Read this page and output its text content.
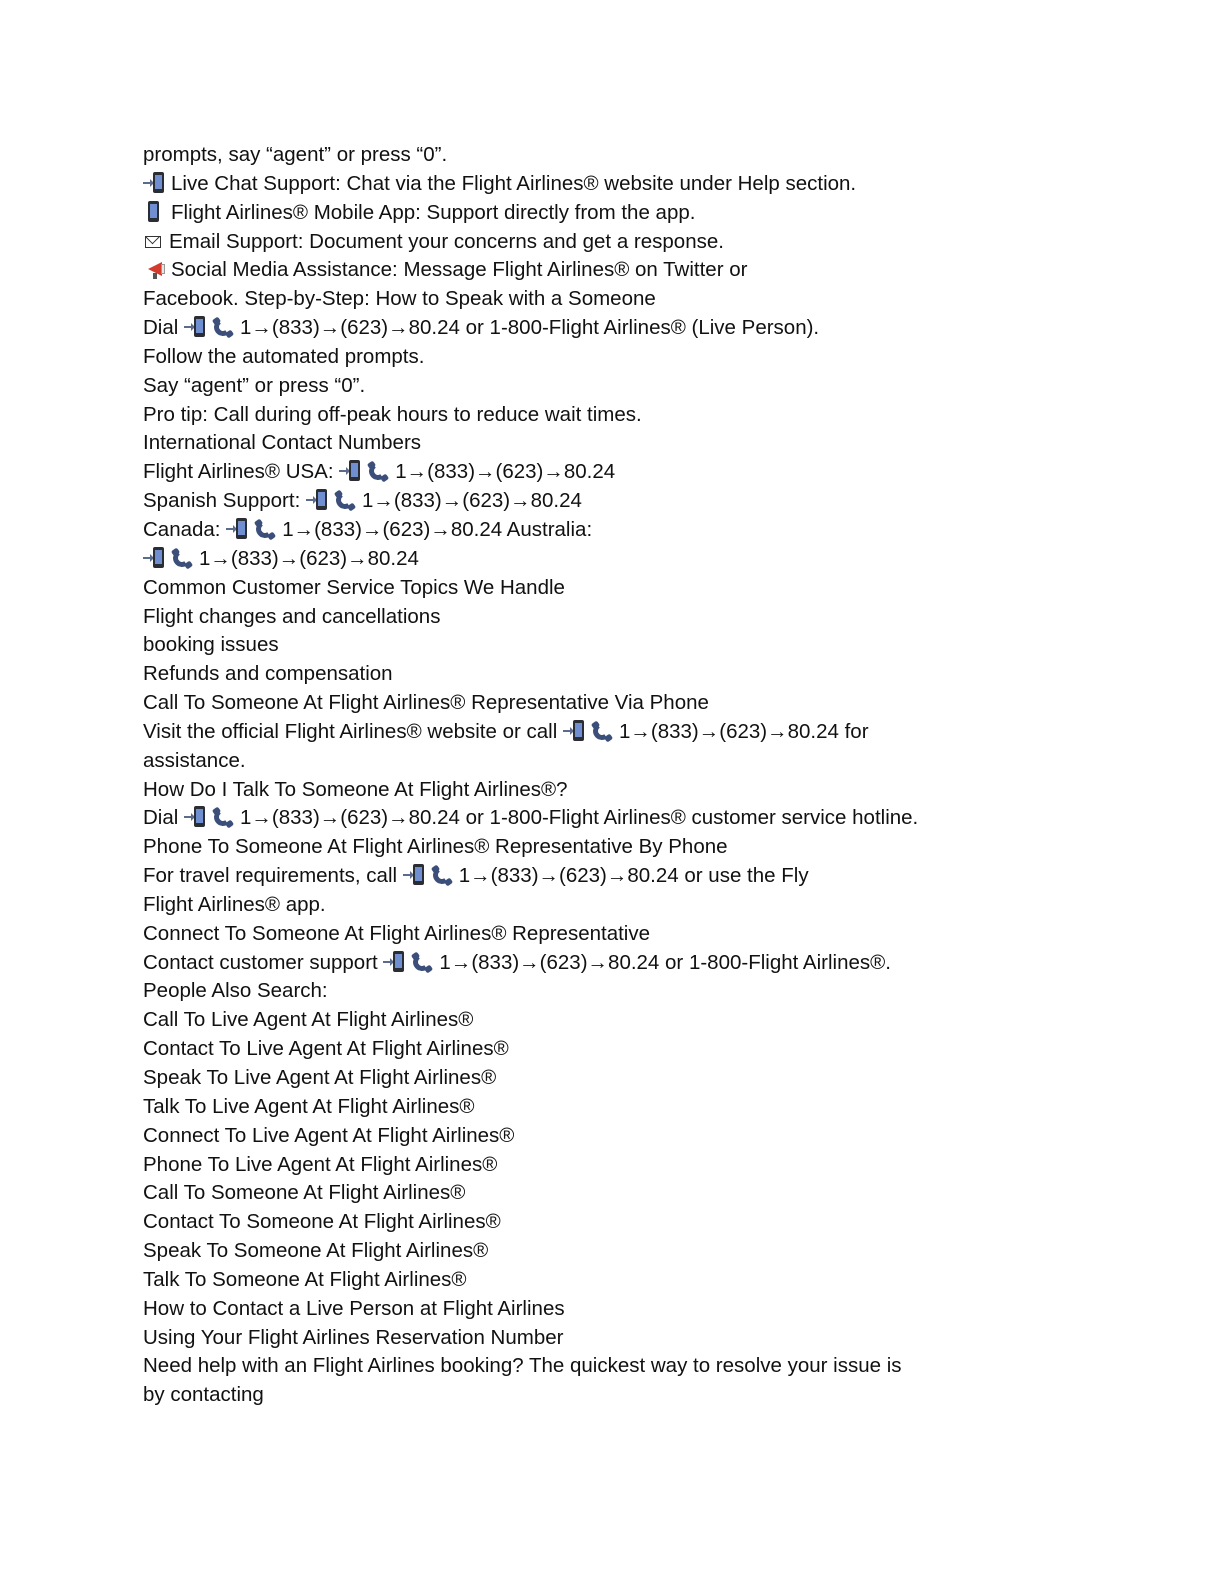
prompts, say “agent” or press “0”.
Live Chat Support: Chat via the Flight Airlines® website under Help section.
Flight Airlines® Mobile App: Support directly from the app.
Email Support: Document your concerns and get a response.
Social Media Assistance: Message Flight Airlines® on Twitter or
Facebook. Step-by-Step: How to Speak with a Someone
Dial	1→(833)→(623)→80.24 or 1-800-Flight Airlines® (Live Person).
Follow the automated prompts.
Say “agent” or press “0”.
Pro tip: Call during off-peak hours to reduce wait times.
International Contact Numbers
Flight Airlines® USA:	1→(833)→(623)→80.24
Spanish Support:	1→(833)→(623)→80.24
Canada:	1→(833)→(623)→80.24 Australia:
1→(833)→(623)→80.24
Common Customer Service Topics We Handle
Flight changes and cancellations
booking issues
Refunds and compensation
Call To Someone At Flight Airlines® Representative Via Phone
Visit the official Flight Airlines® website or call	1→(833)→(623)→80.24 for
assistance.
How Do I Talk To Someone At Flight Airlines®?
Dial	1→(833)→(623)→80.24 or 1-800-Flight Airlines® customer service hotline.
Phone To Someone At Flight Airlines® Representative By Phone
For travel requirements, call	1→(833)→(623)→80.24 or use the Fly
Flight Airlines® app.
Connect To Someone At Flight Airlines® Representative
Contact customer support	1→(833)→(623)→80.24 or 1-800-Flight Airlines®.
People Also Search:
Call To Live Agent At Flight Airlines®
Contact To Live Agent At Flight Airlines®
Speak To Live Agent At Flight Airlines®
Talk To Live Agent At Flight Airlines®
Connect To Live Agent At Flight Airlines®
Phone To Live Agent At Flight Airlines®
Call To Someone At Flight Airlines®
Contact To Someone At Flight Airlines®
Speak To Someone At Flight Airlines®
Talk To Someone At Flight Airlines®
How to Contact a Live Person at Flight Airlines
Using Your Flight Airlines Reservation Number
Need help with an Flight Airlines booking? The quickest way to resolve your issue is
by contacting
